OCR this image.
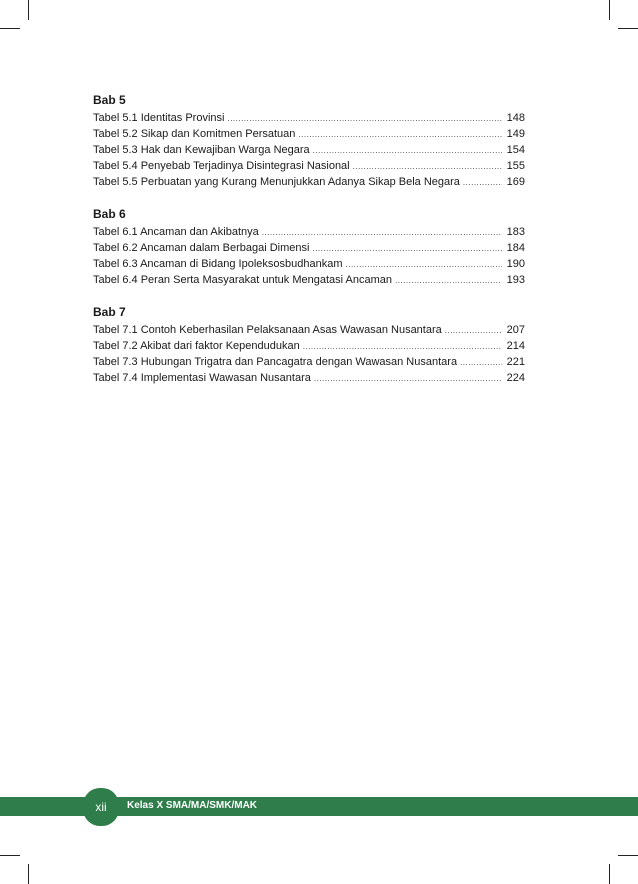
Bab 5
Tabel 5.1 Identitas Provinsi .....	148
Tabel 5.2 Sikap dan Komitmen Persatuan .....	149
Tabel 5.3 Hak dan Kewajiban Warga Negara .....	154
Tabel 5.4 Penyebab Terjadinya Disintegrasi Nasional .....	155
Tabel 5.5 Perbuatan yang Kurang Menunjukkan Adanya Sikap Bela Negara .....	169
Bab 6
Tabel 6.1 Ancaman dan Akibatnya .....	183
Tabel 6.2 Ancaman dalam Berbagai Dimensi .....	184
Tabel 6.3 Ancaman di Bidang Ipoleksosbudhankam .....	190
Tabel 6.4 Peran Serta Masyarakat untuk Mengatasi Ancaman .....	193
Bab 7
Tabel 7.1 Contoh Keberhasilan Pelaksanaan Asas Wawasan Nusantara .....	207
Tabel 7.2 Akibat dari faktor Kependudukan .....	214
Tabel 7.3 Hubungan Trigatra dan Pancagatra dengan Wawasan Nusantara .....	221
Tabel 7.4 Implementasi Wawasan Nusantara .....	224
xii Kelas X SMA/MA/SMK/MAK
